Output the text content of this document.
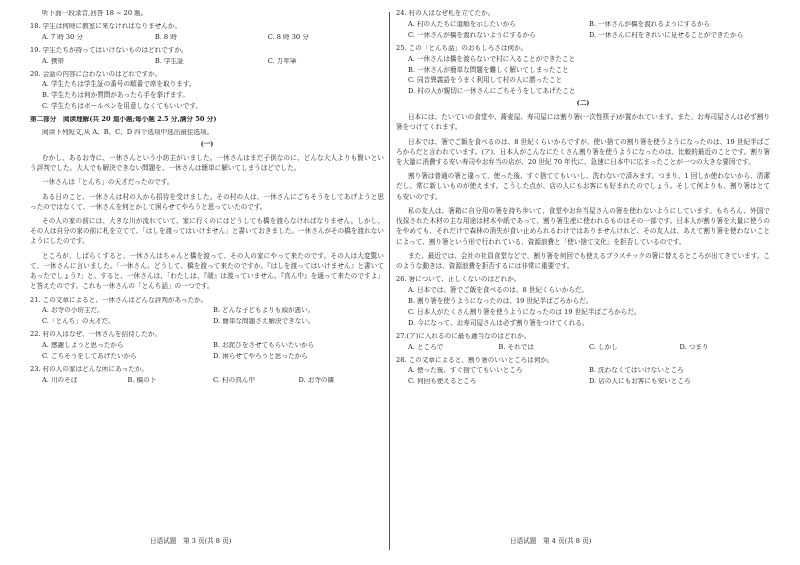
听下面一段录音,回答 18 ~ 20 题。
18. 学生は何時に教室に来なければなりませんか。
A. 7 時 30 分	B. 8 時	C. 8 時 30 分
19. 学生たちが持ってはいけないものはどれですか。
A. 携帯	B. 学生証	C. 万年筆
20. 会話の内容に合わないのはどれですか。
A. 学生たちは学生証の番号の順番で席を取ります。
B. 学生たちは何か質問があったら手を挙げます。
C. 学生たちはボールペンを用意しなくてもいいです。
第二部分　阅读理解(共 20 道小题;每小题 2.5 分,满分 50 分)
阅读下列短文,从 A、B、C、D 四个选项中选出最佳选项。
(一)
むかし、あるお寺に、一休さんという小坊主がいました。一休さんはまだ子供なのに、どんな大人よりも賢いという評判でした。大人でも解決できない問題を、一休さんは簡単に解いてしまうほどでした。
一休さんは「とんち」の天才だったのです。
ある日のこと、一休さんは村の人から招待を受けました。その村の人は、一休さんにごちそうをしてあげようと思ったのではなくて、一休さんを何とかして困らせてやろうと思っていたのです。
その人の家の前には、大きな川が流れていて、家に行くのにはどうしても橋を渡らなければなりません。しかし、その人は自分の家の前に札を立てて、「はしを渡ってはいけません」と書いておきました。一休さんがその橋を渡れないようにしたのです。
ところが、しばらくすると、一休さんはちゃんと橋を渡って、その人の家にやって来たのです。その人は大変驚いて、一休さんに言いました。「一休さん。どうして、橋を渡って来たのですか。『はしを渡ってはいけません』と書いてあったでしょう?」と。すると、一休さんは、「わたしは、『端』は渡っていません。『真ん中』を通って来たのですよ」と答えたのです。これも一休さんの「とんち話」の一つです。
21. この文章によると、一休さんはどんな評判があったか。
A. お寺の小坊主だ。	B. どんな子どもよりも頭が悪い。
C.「とんち」の天才だ。	D. 簡単な問題さえ解決できない。
22. 村の人はなぜ、一休さんを招待したか。
A. 感謝しようと思ったから	B. お詫びをさせてもらいたいから
C. ごちそうをしてあげたいから	D. 困らせてやろうと思ったから
23. 村の人の家はどんな所にあったか。
A. 川のそば	B. 橋の下	C. 村の真ん中	D. お寺の隣
24. 村の人はなぜ札を立てたか。
A. 村の人たちに道順を示したいから	B. 一休さんが橋を渡れるようにするから
C. 一休さんが橋を渡れないようにするから	D. 一休さんに村をきれいに見せることができたから
25. この「とんち話」のおもしろさは何か。
A. 一休さんは橋を渡らないで村に入ることができたこと
B. 一休さんが簡単な問題を難しく解いてしまったこと
C. 同音異義語をうまく利用して村の人に勝ったこと
D. 村の人が親切に一休さんにごちそうをしてあげたこと
(二)
日本には、たいていの食堂や、蕎麦屋、寿司屋には割り箸(一次性筷子)が置かれています。また、お寿司屋さんは必ず割り箸をつけてくれます。
日本では、箸でご飯を食べるのは、8 世紀くらいからですが、使い捨ての割り箸を使うようになったのは、19 世紀半ばごろからだと言われています。(ア)、日本人がこんなにたくさん割り箸を使うようになったのは、比較的最近のことです。割り箸を大量に消費する安い寿司やお弁当の店が、20 世紀 70 年代に、急速に日本中に広まったことが一つの大きな要因です。
割り箸は普通の箸と違って、使った後、すぐ捨ててもいいし、洗わないで済みます。つまり、1 回しか使わないから、清潔だし、常に新しいものが使えます。こうした点が、店の人にもお客にも好まれたのでしょう。そして何よりも、割り箸はとても安いのです。
私の友人は、箸箱に自分用の箸を持ち歩いて、食堂やお弁当屋さんの箸を使わないようにしています。もちろん、外国で伐採された木材の主な用途は材木や紙であって、割り箸生産に使われるものはその一部です。日本人が割り箸を大量に使うのをやめても、それだけで森林の消失が食い止められるわけではありませんけれど、その友人は、あえて割り箸を使わないことによって、割り箸という形で行われている、資源浪費と「使い捨て文化」を拒否しているのです。
また、最近では、会社の社員食堂などで、割り箸を何回でも使えるプラスチックの箸に替えるところが出てきています。このような動きは、資源浪費を拒否するには非常に重要です。
26. 箸について、正しくないのはどれか。
A. 日本では、箸でご飯を食べるのは、8 世紀くらいからだ。
B. 割り箸を使うようになったのは、19 世紀半ばごろからだ。
C. 日本人がたくさん割り箸を使うようになったのは 19 世紀半ばごろからだ。
D. 今になって、お寿司屋さんは必ず割り箸をつけてくれる。
27.(ア)に入れるのに最も適当なのはどれか。
A. ところで	B. それでは	C. しかし	D. つまり
28. この文章によると、割り箸のいいところは何か。
A. 使った後、すぐ捨ててもいいところ	B. 洗わなくてはいけないところ
C. 何回も使えるところ	D. 店の人にもお客にも安いところ
日语试题　第 3 页(共 8 页)	日语试题　第 4 页(共 8 页)
